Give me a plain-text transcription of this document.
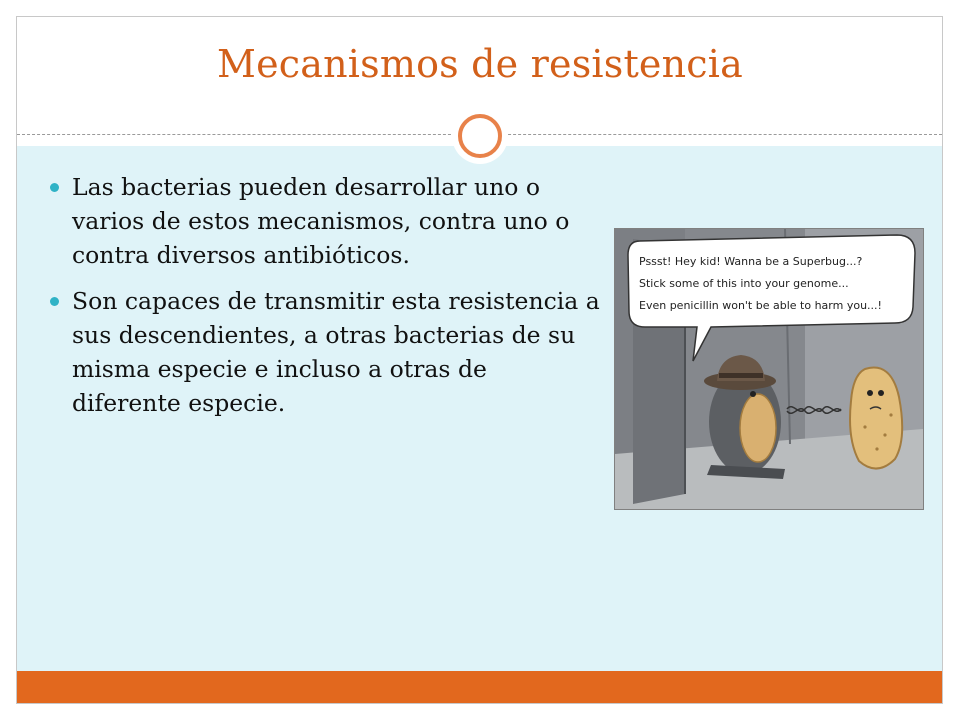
Mecanismos de resistencia
Las bacterias pueden desarrollar uno o varios de estos mecanismos, contra uno o contra diversos antibióticos.
Son capaces de transmitir esta resistencia a sus descendientes, a otras bacterias de su misma especie e incluso a otras de diferente especie.
Pssst! Hey kid! Wanna be a Superbug...?
Stick some of this into your genome...
Even penicillin won't be able to harm you...!
